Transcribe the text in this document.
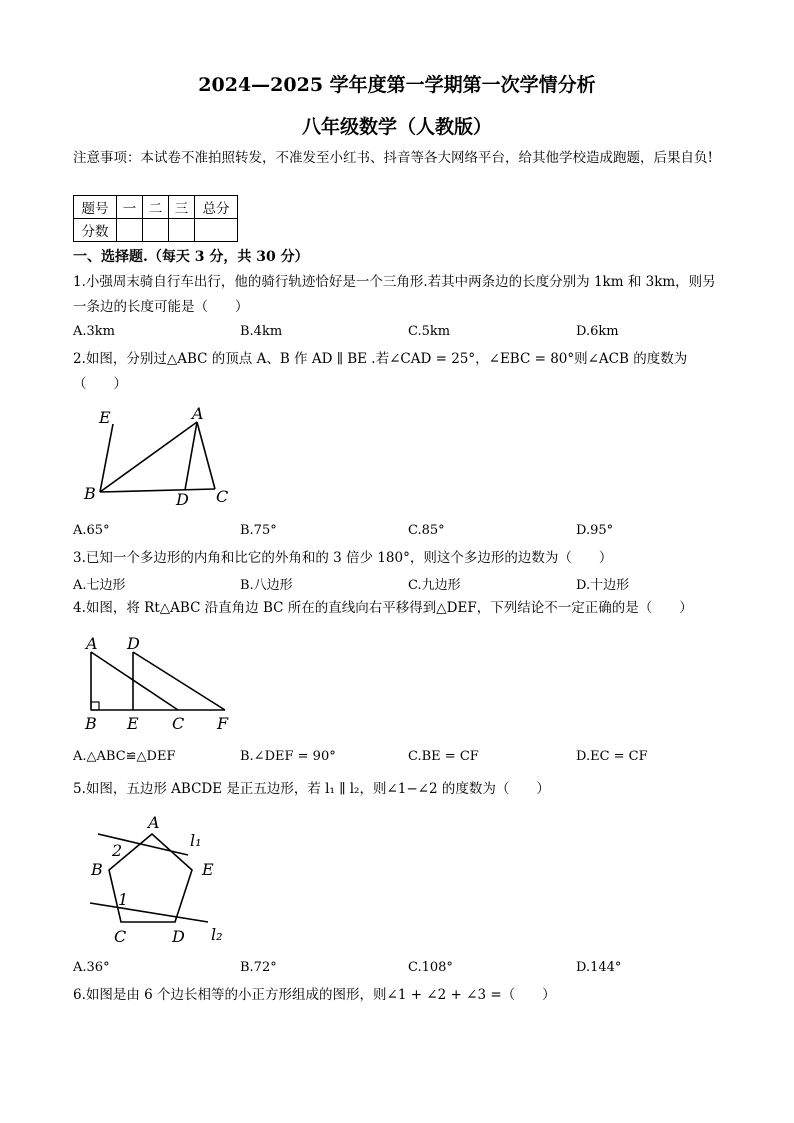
2024—2025 学年度第一学期第一次学情分析
八年级数学（人教版）
注意事项：本试卷不准拍照转发，不准发至小红书、抖音等各大网络平台，给其他学校造成跑题，后果自负!
题号	一	二	三	总分
分数				
一、选择题.（每天 3 分，共 30 分）
1.小强周末骑自行车出行，他的骑行轨迹恰好是一个三角形.若其中两条边的长度分别为 1km 和 3km，则另一条边的长度可能是（　　）
A.3km	B.4km	C.5km	D.6km
2.如图，分别过△ABC 的顶点 A、B 作 AD ∥ BE .若∠CAD = 25°，∠EBC = 80°则∠ACB 的度数为（　　）
E	A
B	D C
A.65°	B.75°	C.85°	D.95°
3.已知一个多边形的内角和比它的外角和的 3 倍少 180°，则这个多边形的边数为（　　）
A.七边形	B.八边形	C.九边形	D.十边形
4.如图，将 Rt△ABC 沿直角边 BC 所在的直线向右平移得到△DEF，下列结论不一定正确的是（　　）
A D
B E C F
A.△ABC≌△DEF	B.∠DEF = 90°	C.BE = CF	D.EC = CF
5.如图，五边形 ABCDE 是正五边形，若 l₁ ∥ l₂，则∠1−∠2 的度数为（　　）
A
2
l₁
B	E
1
C	D l₂
A.36°	B.72°	C.108°	D.144°
6.如图是由 6 个边长相等的小正方形组成的图形，则∠1 + ∠2 + ∠3 =（　　）
